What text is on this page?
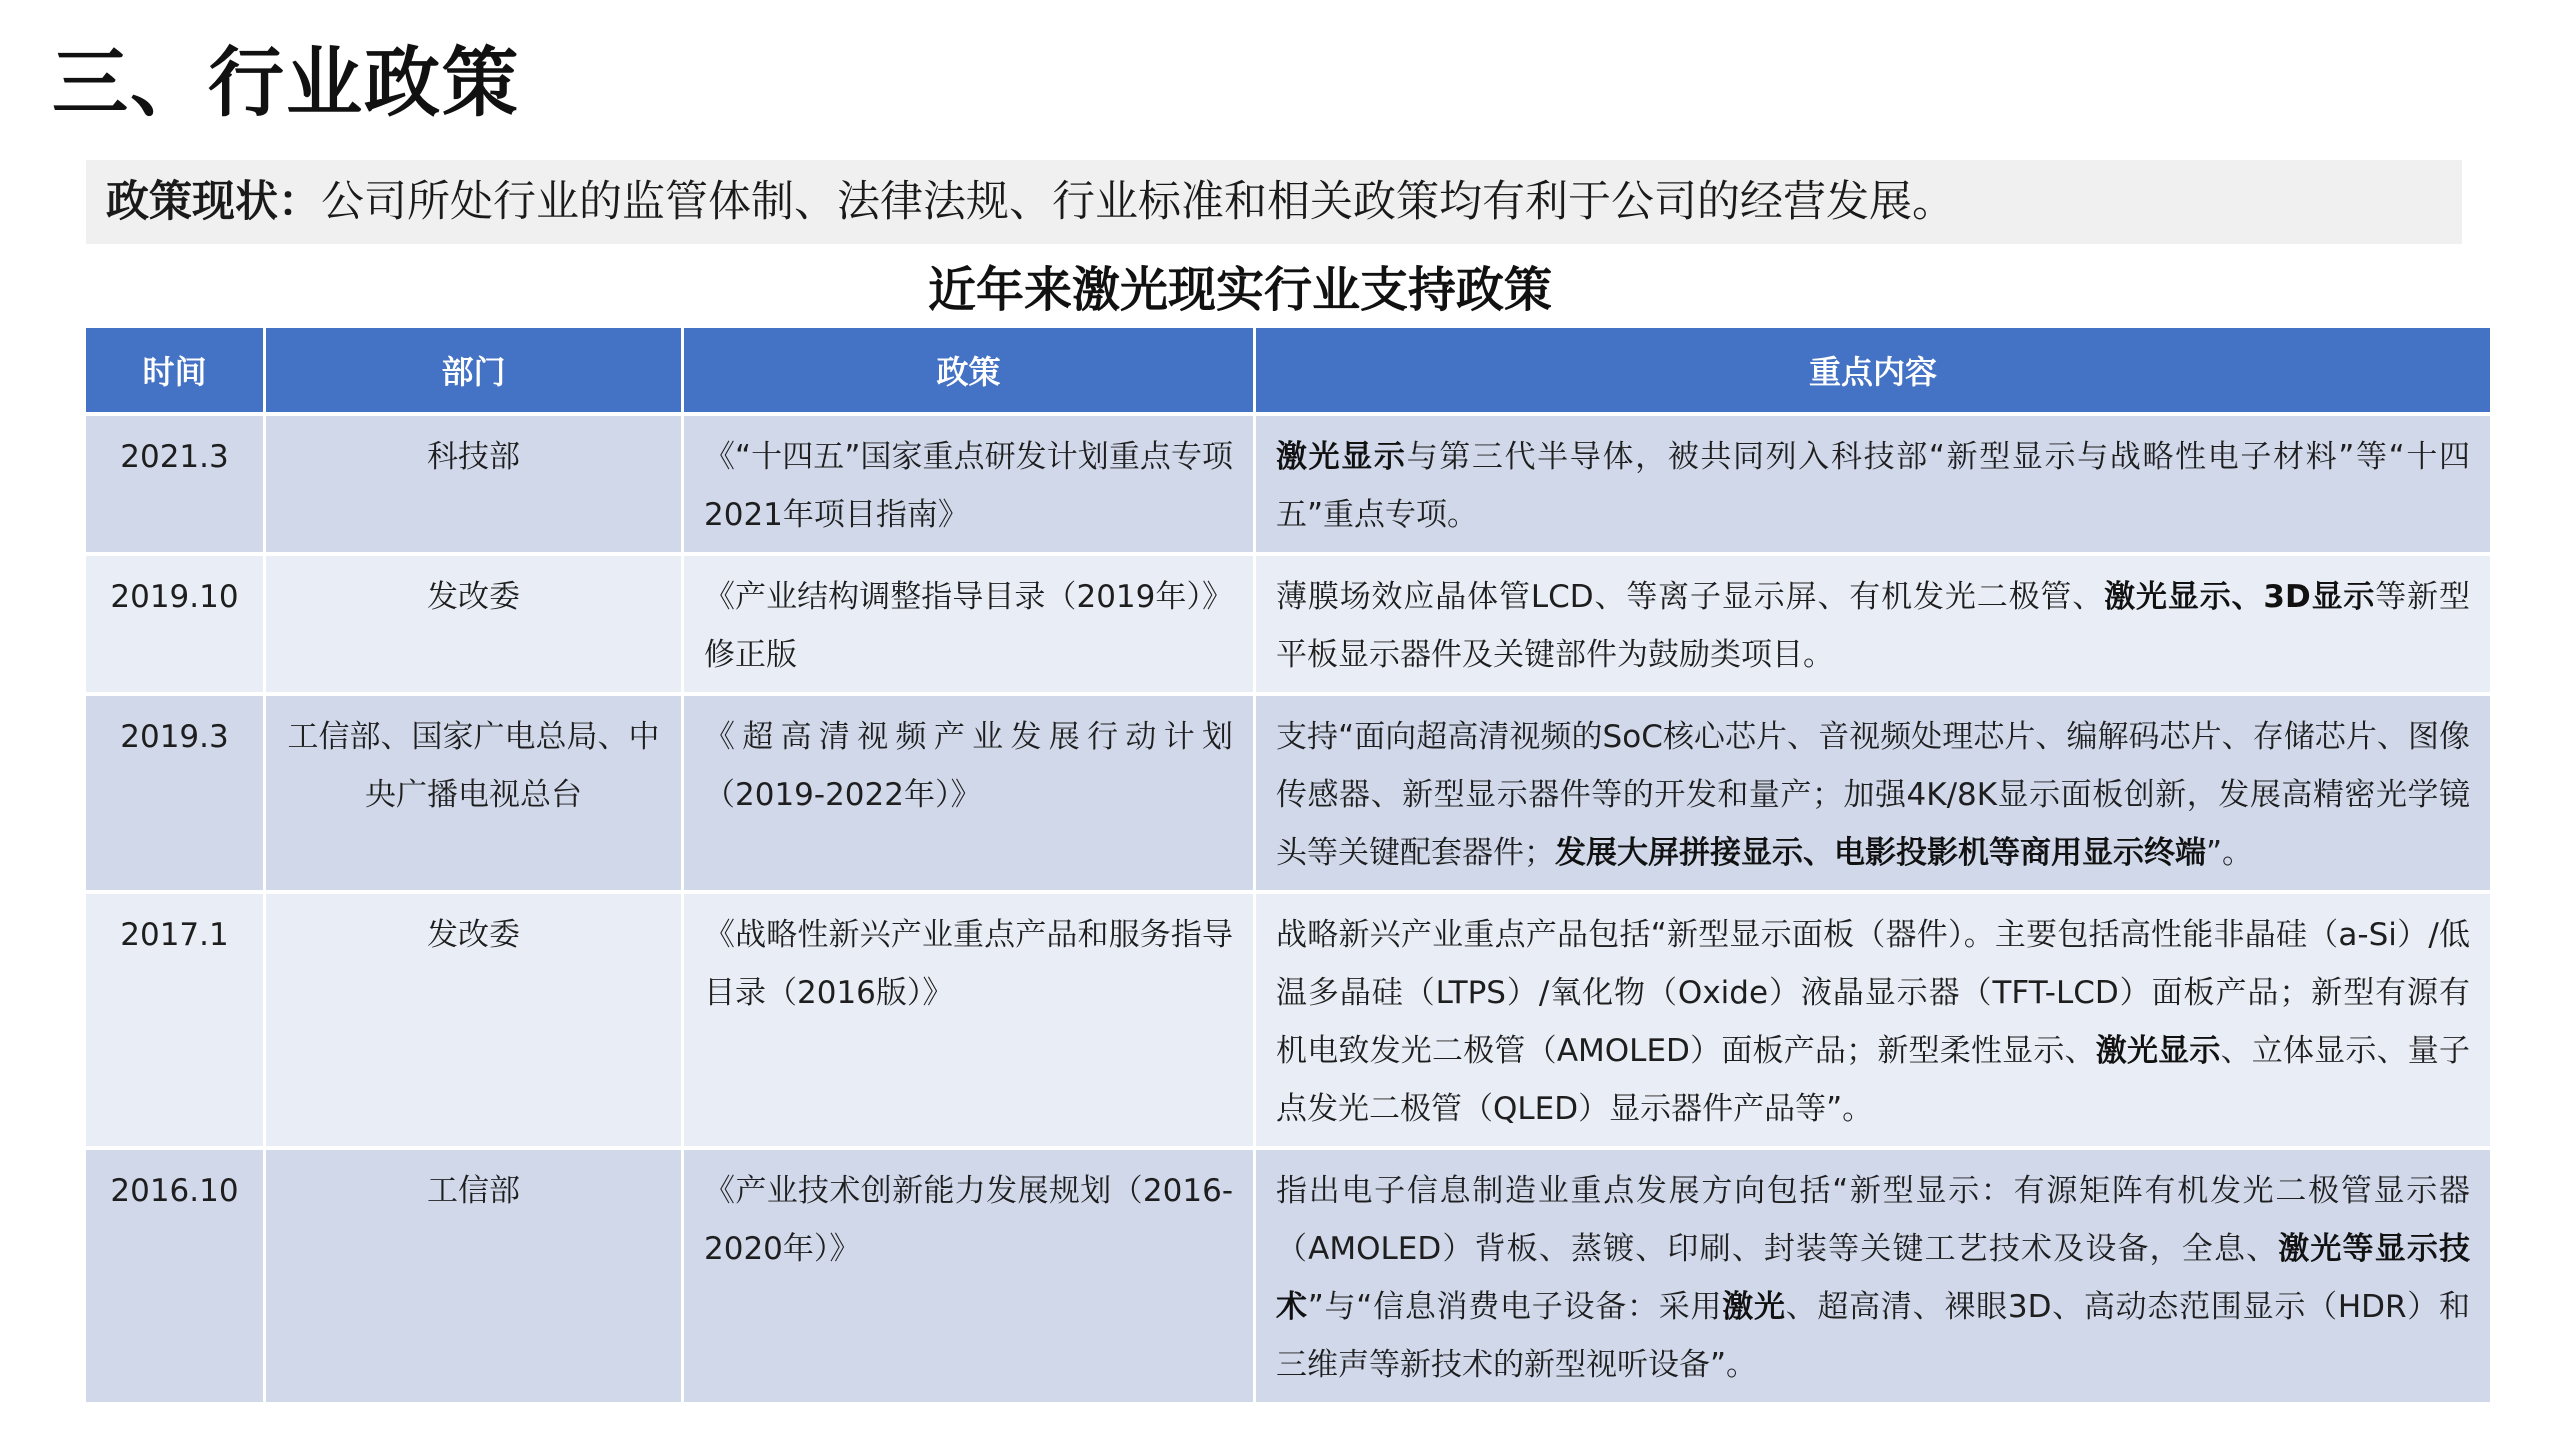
三、行业政策
政策现状：公司所处行业的监管体制、法律法规、行业标准和相关政策均有利于公司的经营发展。
近年来激光现实行业支持政策
时间	部门	政策	重点内容
2021.3	科技部	《“十四五”国家重点研发计划重点专项2021年项目指南》	激光显示与第三代半导体，被共同列入科技部“新型显示与战略性电子材料”等“十四五”重点专项。
2019.10	发改委	《产业结构调整指导目录（2019年）》修正版	薄膜场效应晶体管LCD、等离子显示屏、有机发光二极管、激光显示、3D显示等新型平板显示器件及关键部件为鼓励类项目。
2019.3	工信部、国家广电总局、中央广播电视总台	《超高清视频产业发展行动计划（2019-2022年）》	支持“面向超高清视频的SoC核心芯片、音视频处理芯片、编解码芯片、存储芯片、图像传感器、新型显示器件等的开发和量产；加强4K/8K显示面板创新，发展高精密光学镜头等关键配套器件；发展大屏拼接显示、电影投影机等商用显示终端”。
2017.1	发改委	《战略性新兴产业重点产品和服务指导目录（2016版）》	战略新兴产业重点产品包括“新型显示面板（器件）。主要包括高性能非晶硅（a-Si）/低温多晶硅（LTPS）/氧化物（Oxide）液晶显示器（TFT-LCD）面板产品；新型有源有机电致发光二极管（AMOLED）面板产品；新型柔性显示、激光显示、立体显示、量子点发光二极管（QLED）显示器件产品等”。
2016.10	工信部	《产业技术创新能力发展规划（2016-2020年）》	指出电子信息制造业重点发展方向包括“新型显示：有源矩阵有机发光二极管显示器（AMOLED）背板、蒸镀、印刷、封装等关键工艺技术及设备，全息、激光等显示技术”与“信息消费电子设备：采用激光、超高清、裸眼3D、高动态范围显示（HDR）和三维声等新技术的新型视听设备”。
